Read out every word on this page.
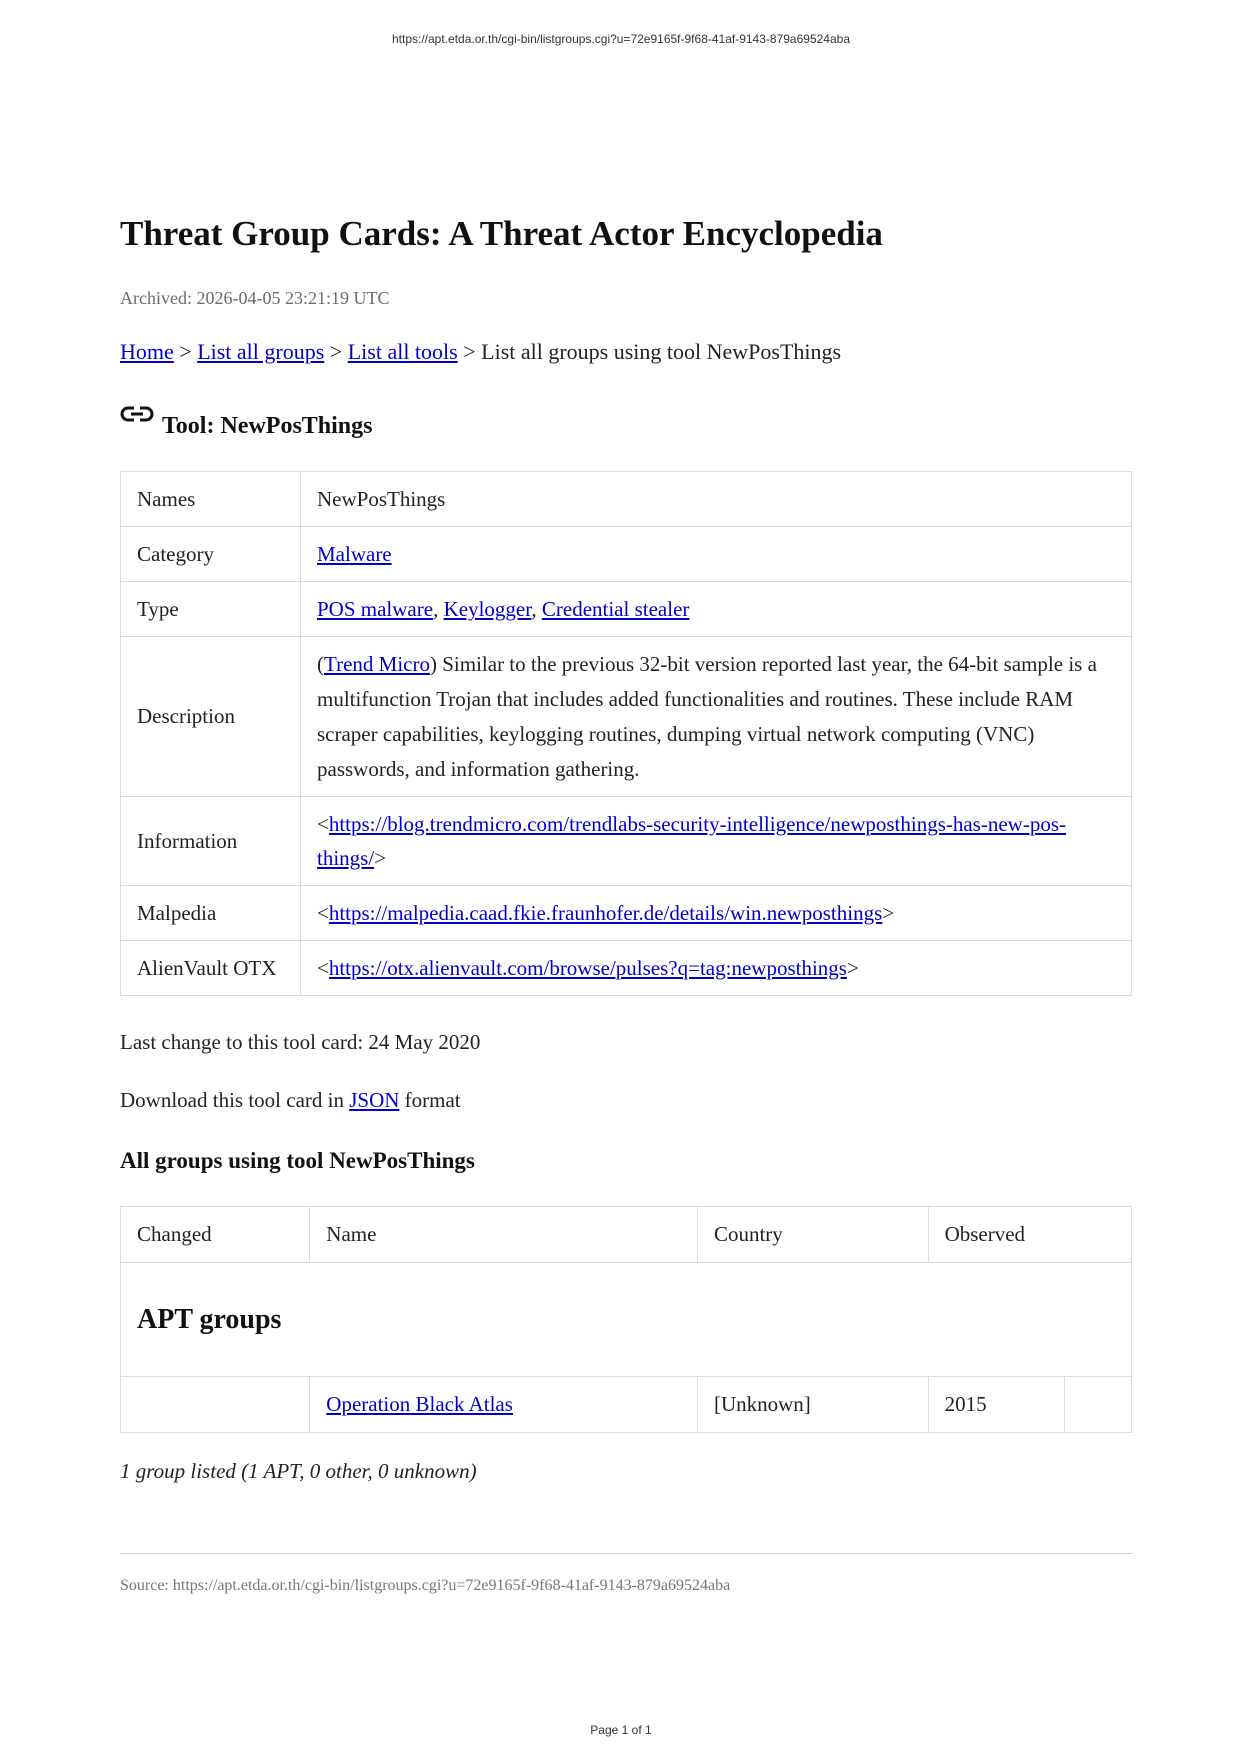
https://apt.etda.or.th/cgi-bin/listgroups.cgi?u=72e9165f-9f68-41af-9143-879a69524aba
Threat Group Cards: A Threat Actor Encyclopedia
Archived: 2026-04-05 23:21:19 UTC
Home > List all groups > List all tools > List all groups using tool NewPosThings
Tool: NewPosThings
Names	NewPosThings
Category	Malware
Type	POS malware, Keylogger, Credential stealer
Description	(Trend Micro) Similar to the previous 32-bit version reported last year, the 64-bit sample is a multifunction Trojan that includes added functionalities and routines. These include RAM scraper capabilities, keylogging routines, dumping virtual network computing (VNC) passwords, and information gathering.
Information	<https://blog.trendmicro.com/trendlabs-security-intelligence/newposthings-has-new-pos-things/>
Malpedia	<https://malpedia.caad.fkie.fraunhofer.de/details/win.newposthings>
AlienVault OTX	<https://otx.alienvault.com/browse/pulses?q=tag:newposthings>
Last change to this tool card: 24 May 2020
Download this tool card in JSON format
All groups using tool NewPosThings
Changed	Name	Country	Observed	
APT groups				
	Operation Black Atlas	[Unknown]	2015	
1 group listed (1 APT, 0 other, 0 unknown)
Source: https://apt.etda.or.th/cgi-bin/listgroups.cgi?u=72e9165f-9f68-41af-9143-879a69524aba
Page 1 of 1
